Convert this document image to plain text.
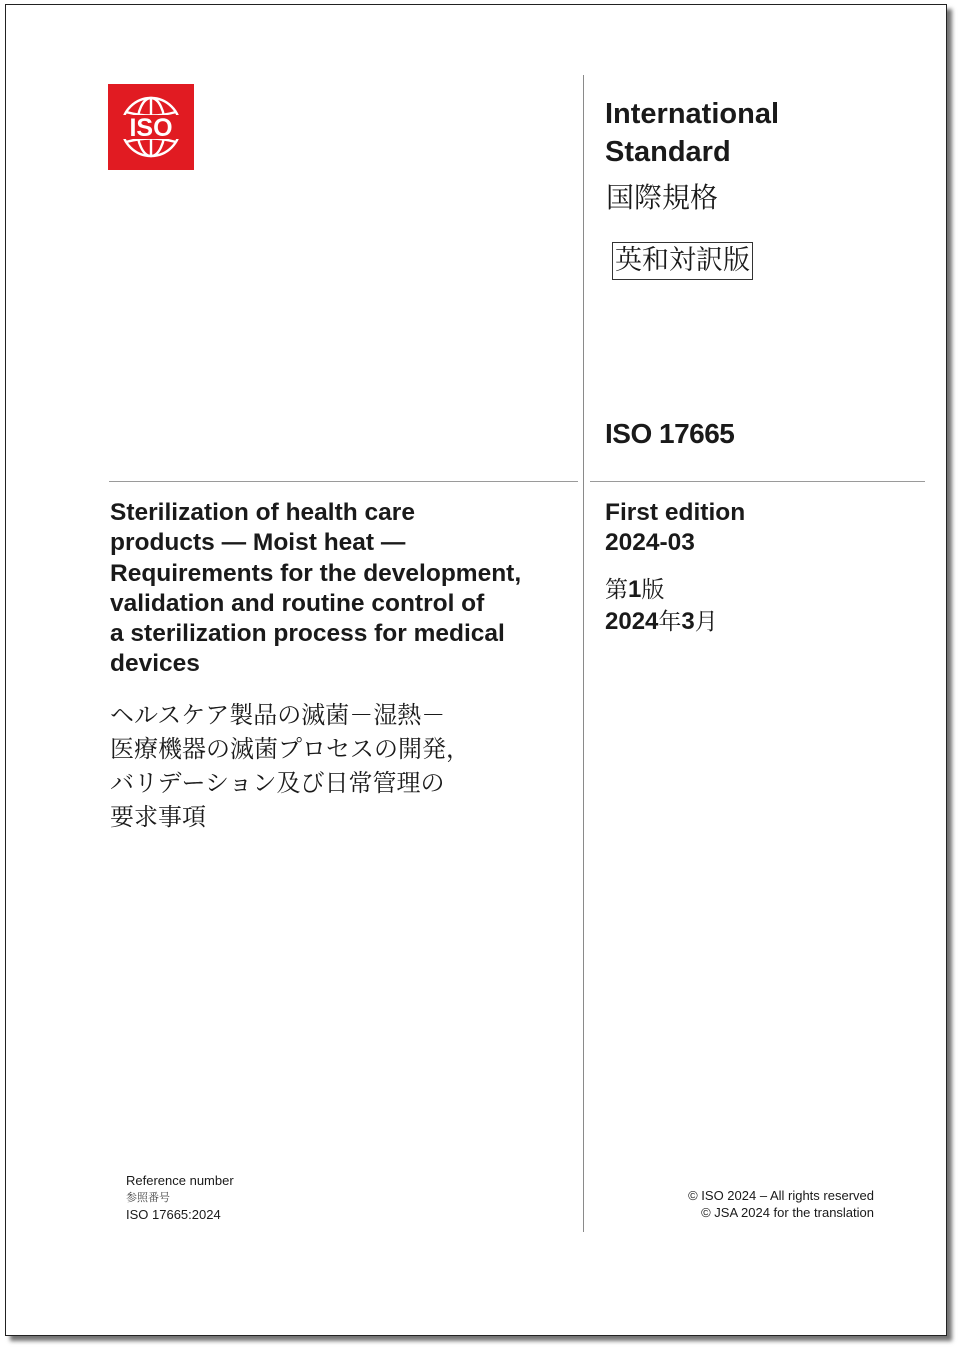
ISO	International
Standard
国際規格
英和対訳版
ISO 17665
Sterilization of health care
products — Moist heat —
Requirements for the development,
validation and routine control of
a sterilization process for medical
devices
ヘルスケア製品の滅菌－湿熱－
医療機器の滅菌プロセスの開発，
バリデーション及び日常管理の
要求事項
First edition
2024-03
第1版
2024年3月
Reference number
参照番号
ISO 17665:2024
© ISO 2024 – All rights reserved
© JSA 2024 for the translation
